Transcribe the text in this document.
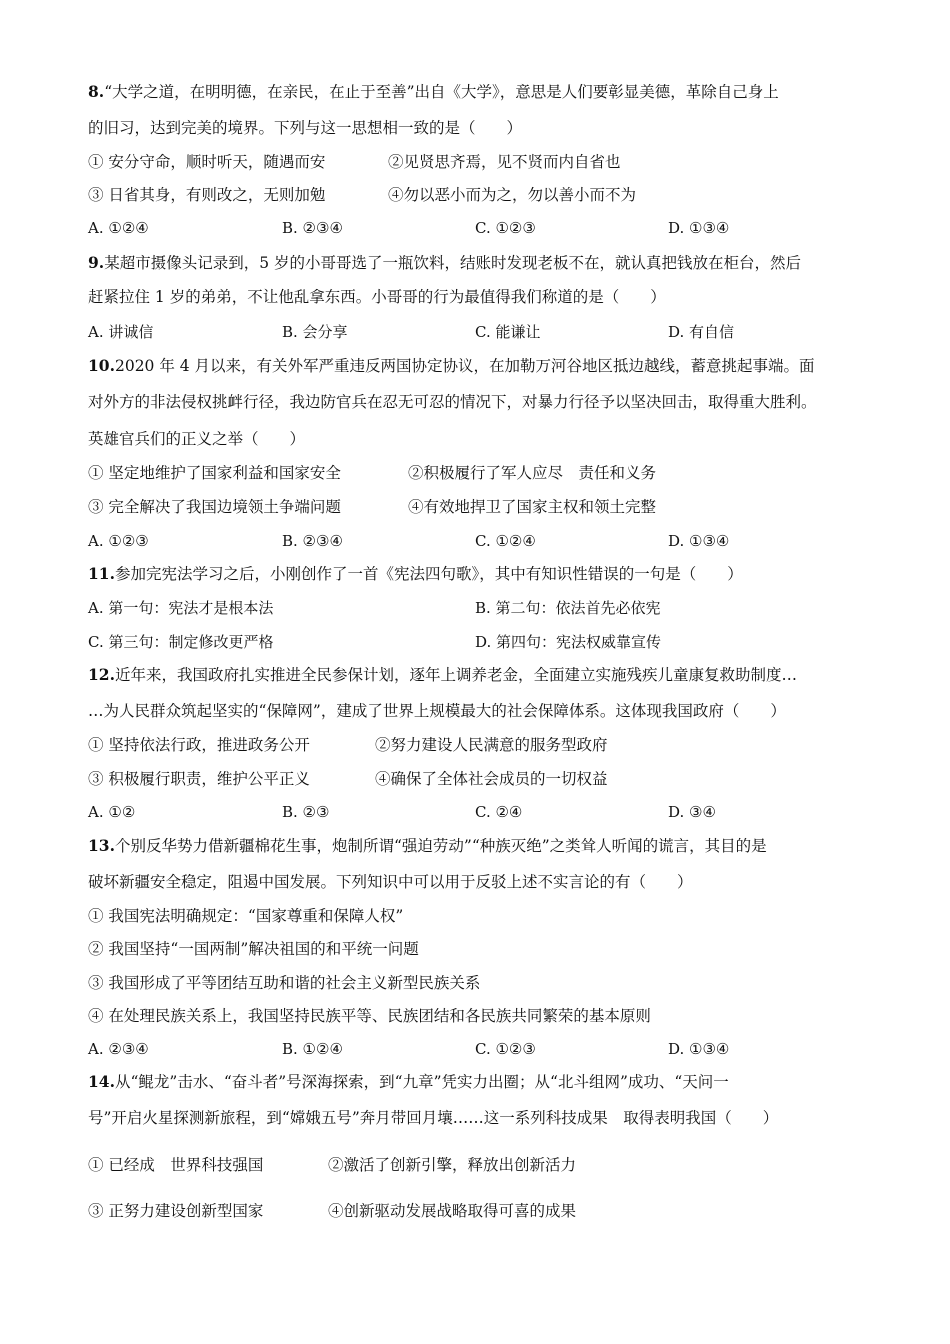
8.“大学之道，在明明德，在亲民，在止于至善”出自《大学》，意思是人们要彰显美德，革除自己身上
的旧习，达到完美的境界。下列与这一思想相一致的是（　　）
① 安分守命，顺时听天，随遇而安	②见贤思齐焉，见不贤而内自省也
③ 日省其身，有则改之，无则加勉	④勿以恶小而为之，勿以善小而不为
A. ①②④	B. ②③④	C. ①②③	D. ①③④
9.某超市摄像头记录到，5 岁的小哥哥选了一瓶饮料，结账时发现老板不在，就认真把钱放在柜台，然后
赶紧拉住 1 岁的弟弟，不让他乱拿东西。小哥哥的行为最值得我们称道的是（　　）
A. 讲诚信	B. 会分享	C. 能谦让	D. 有自信
10.2020 年 4 月以来，有关外军严重违反两国协定协议，在加勒万河谷地区抵边越线，蓄意挑起事端。面
对外方的非法侵权挑衅行径，我边防官兵在忍无可忍的情况下，对暴力行径予以坚决回击，取得重大胜利。
英雄官兵们的正义之举（　　）
① 坚定地维护了国家利益和国家安全	②积极履行了军人应尽　责任和义务
③ 完全解决了我国边境领土争端问题	④有效地捍卫了国家主权和领土完整
A. ①②③	B. ②③④	C. ①②④	D. ①③④
11.参加完宪法学习之后，小刚创作了一首《宪法四句歌》，其中有知识性错误的一句是（　　）
A. 第一句：宪法才是根本法	B. 第二句：依法首先必依宪
C. 第三句：制定修改更严格	D. 第四句：宪法权威靠宣传
12.近年来，我国政府扎实推进全民参保计划，逐年上调养老金，全面建立实施残疾儿童康复救助制度…
…为人民群众筑起坚实的“保障网”，建成了世界上规模最大的社会保障体系。这体现我国政府（　　）
① 坚持依法行政，推进政务公开	②努力建设人民满意的服务型政府
③ 积极履行职责，维护公平正义	④确保了全体社会成员的一切权益
A. ①②	B. ②③	C. ②④	D. ③④
13.个别反华势力借新疆棉花生事，炮制所谓“强迫劳动”“种族灭绝”之类耸人听闻的谎言，其目的是
破坏新疆安全稳定，阻遏中国发展。下列知识中可以用于反驳上述不实言论的有（　　）
① 我国宪法明确规定：“国家尊重和保障人权”
② 我国坚持“一国两制”解决祖国的和平统一问题
③ 我国形成了平等团结互助和谐的社会主义新型民族关系
④ 在处理民族关系上，我国坚持民族平等、民族团结和各民族共同繁荣的基本原则
A. ②③④	B. ①②④	C. ①②③	D. ①③④
14.从“鲲龙”击水、“奋斗者”号深海探索，到“九章”凭实力出圈；从“北斗组网”成功、“天问一
号”开启火星探测新旅程，到“嫦娥五号”奔月带回月壤……这一系列科技成果　取得表明我国（　　）
① 已经成　世界科技强国	②激活了创新引擎，释放出创新活力
③ 正努力建设创新型国家	④创新驱动发展战略取得可喜的成果
